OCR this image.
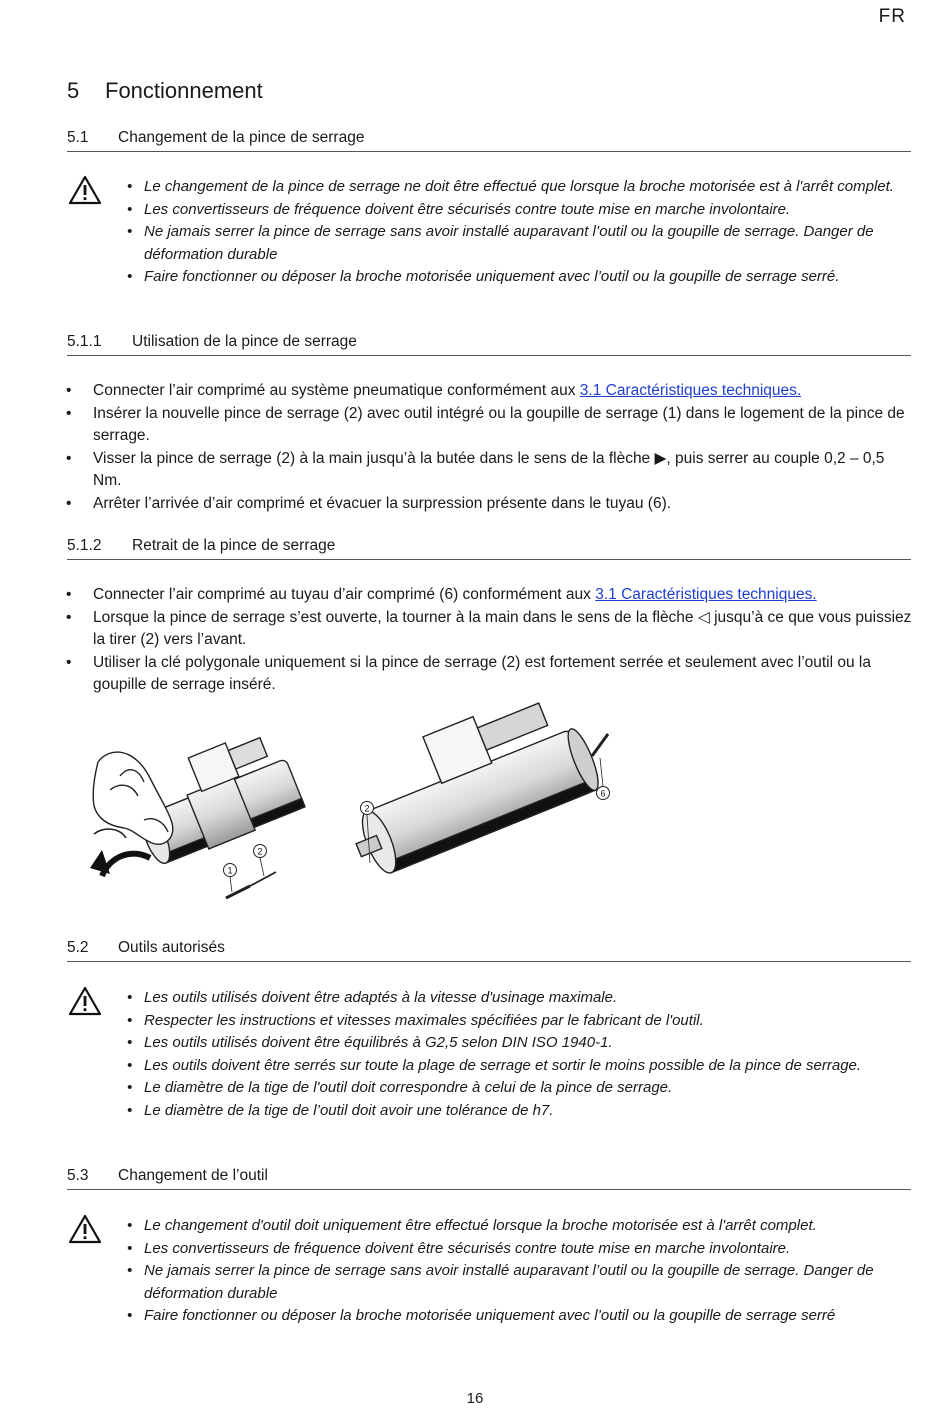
FR
5 Fonctionnement
5.1 Changement de la pince de serrage
• Le changement de la pince de serrage ne doit être effectué que lorsque la broche motorisée est à l'arrêt complet.
• Les convertisseurs de fréquence doivent être sécurisés contre toute mise en marche involontaire.
• Ne jamais serrer la pince de serrage sans avoir installé auparavant l’outil ou la goupille de serrage. Danger de déformation durable
• Faire fonctionner ou déposer la broche motorisée uniquement avec l’outil ou la goupille de serrage serré.
5.1.1 Utilisation de la pince de serrage
• Connecter l’air comprimé au système pneumatique conformément aux 3.1 Caractéristiques techniques.
• Insérer la nouvelle pince de serrage (2) avec outil intégré ou la goupille de serrage (1) dans le logement de la pince de serrage.
• Visser la pince de serrage (2) à la main jusqu’à la butée dans le sens de la flèche ▶, puis serrer au couple 0,2 – 0,5 Nm.
• Arrêter l’arrivée d’air comprimé et évacuer la surpression présente dans le tuyau (6).
5.1.2 Retrait de la pince de serrage
• Connecter l’air comprimé au tuyau d’air comprimé (6) conformément aux 3.1 Caractéristiques techniques.
• Lorsque la pince de serrage s’est ouverte, la tourner à la main dans le sens de la flèche ◁ jusqu’à ce que vous puissiez la tirer (2) vers l’avant.
• Utiliser la clé polygonale uniquement si la pince de serrage (2) est fortement serrée et seulement avec l’outil ou la goupille de serrage inséré.
1
2
2
6
5.2 Outils autorisés
• Les outils utilisés doivent être adaptés à la vitesse d'usinage maximale.
• Respecter les instructions et vitesses maximales spécifiées par le fabricant de l'outil.
• Les outils utilisés doivent être équilibrés à G2,5 selon DIN ISO 1940-1.
• Les outils doivent être serrés sur toute la plage de serrage et sortir le moins possible de la pince de serrage.
• Le diamètre de la tige de l'outil doit correspondre à celui de la pince de serrage.
• Le diamètre de la tige de l’outil doit avoir une tolérance de h7.
5.3 Changement de l’outil
• Le changement d'outil doit uniquement être effectué lorsque la broche motorisée est à l'arrêt complet.
• Les convertisseurs de fréquence doivent être sécurisés contre toute mise en marche involontaire.
• Ne jamais serrer la pince de serrage sans avoir installé auparavant l’outil ou la goupille de serrage. Danger de déformation durable
• Faire fonctionner ou déposer la broche motorisée uniquement avec l’outil ou la goupille de serrage serré
16
